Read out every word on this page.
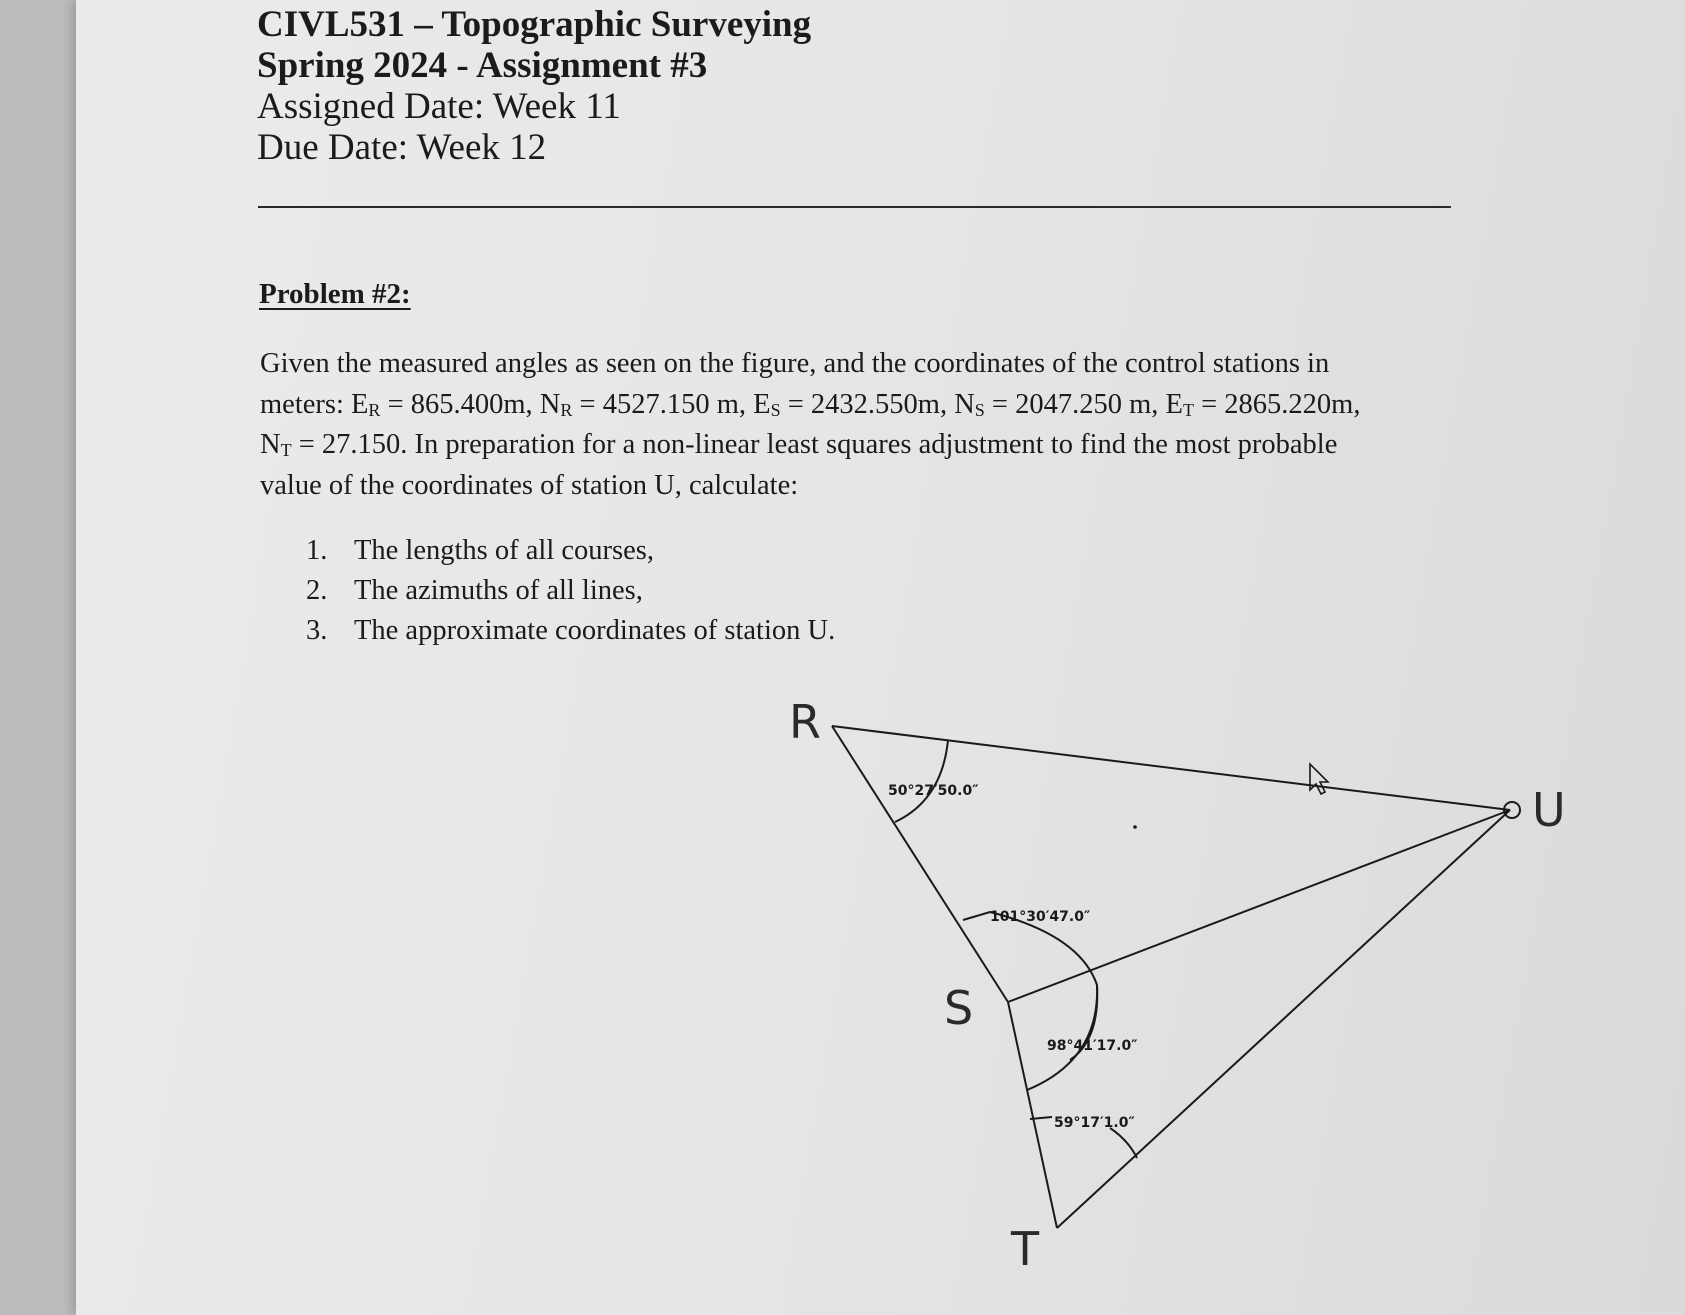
CIVL531 – Topographic Surveying
Spring 2024 - Assignment #3
Assigned Date: Week 11
Due Date: Week 12
Problem #2:
Given the measured angles as seen on the figure, and the coordinates of the control stations in
meters: $E_R = 865.400m$, $N_R = 4527.150$ m, $E_S = 2432.550m$, $N_S = 2047.250$ m, $E_T = 2865.220m$,
$N_T = 27.150$. In preparation for a non-linear least squares adjustment to find the most probable
value of the coordinates of station U, calculate:
1. The lengths of all courses,
2. The azimuths of all lines,
3. The approximate coordinates of station U.
R
S
T
U
50°27′50.0″
101°30′47.0″
98°41′17.0″
59°17′1.0″
